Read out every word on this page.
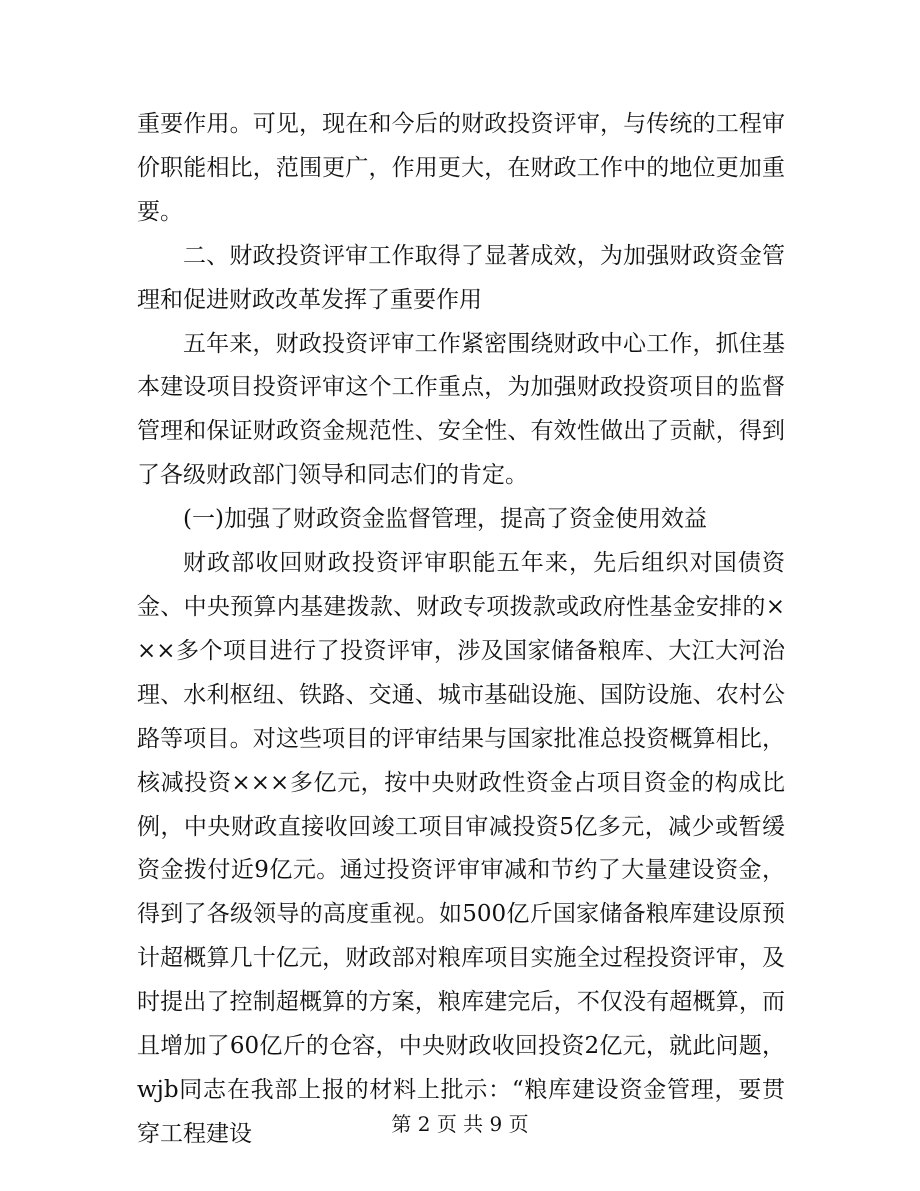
重要作用。可见，现在和今后的财政投资评审，与传统的工程审价职能相比，范围更广，作用更大，在财政工作中的地位更加重要。

二、财政投资评审工作取得了显著成效，为加强财政资金管理和促进财政改革发挥了重要作用

五年来，财政投资评审工作紧密围绕财政中心工作，抓住基本建设项目投资评审这个工作重点，为加强财政投资项目的监督管理和保证财政资金规范性、安全性、有效性做出了贡献，得到了各级财政部门领导和同志们的肯定。

(一)加强了财政资金监督管理，提高了资金使用效益

财政部收回财政投资评审职能五年来，先后组织对国债资金、中央预算内基建拨款、财政专项拨款或政府性基金安排的×××多个项目进行了投资评审，涉及国家储备粮库、大江大河治理、水利枢纽、铁路、交通、城市基础设施、国防设施、农村公路等项目。对这些项目的评审结果与国家批准总投资概算相比，核减投资×××多亿元，按中央财政性资金占项目资金的构成比例，中央财政直接收回竣工项目审减投资5亿多元，减少或暂缓资金拨付近9亿元。通过投资评审审减和节约了大量建设资金，得到了各级领导的高度重视。如500亿斤国家储备粮库建设原预计超概算几十亿元，财政部对粮库项目实施全过程投资评审，及时提出了控制超概算的方案，粮库建完后，不仅没有超概算，而且增加了60亿斤的仓容，中央财政收回投资2亿元，就此问题，wjb同志在我部上报的材料上批示：“粮库建设资金管理，要贯穿工程建设	第 2 页 共 9 页
